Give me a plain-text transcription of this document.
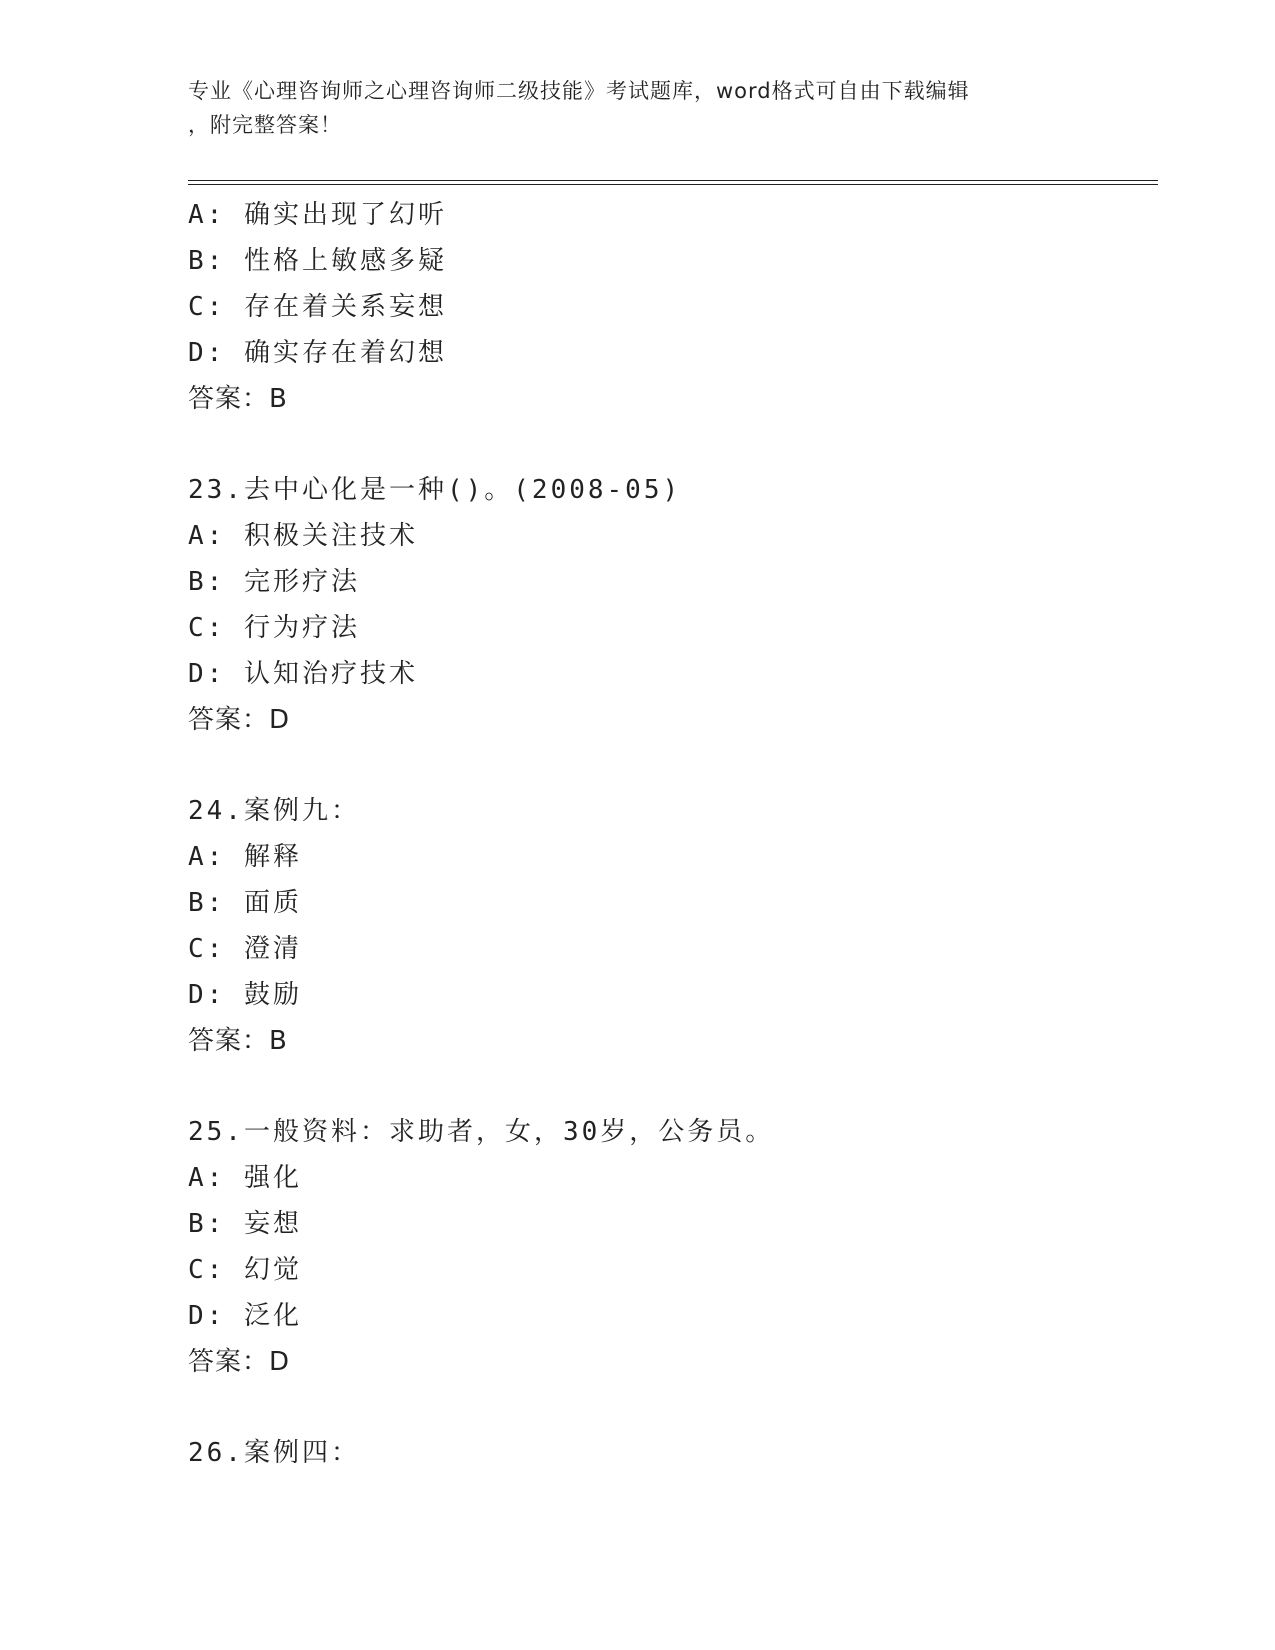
专业《心理咨询师之心理咨询师二级技能》考试题库，word格式可自由下载编辑
，附完整答案！
A: 确实出现了幻听
B: 性格上敏感多疑
C: 存在着关系妄想
D: 确实存在着幻想
答案：B
23.去中心化是一种()。(2008-05)
A: 积极关注技术
B: 完形疗法
C: 行为疗法
D: 认知治疗技术
答案：D
24.案例九：
A: 解释
B: 面质
C: 澄清
D: 鼓励
答案：B
25.一般资料：求助者，女，30岁，公务员。
A: 强化
B: 妄想
C: 幻觉
D: 泛化
答案：D
26.案例四：
